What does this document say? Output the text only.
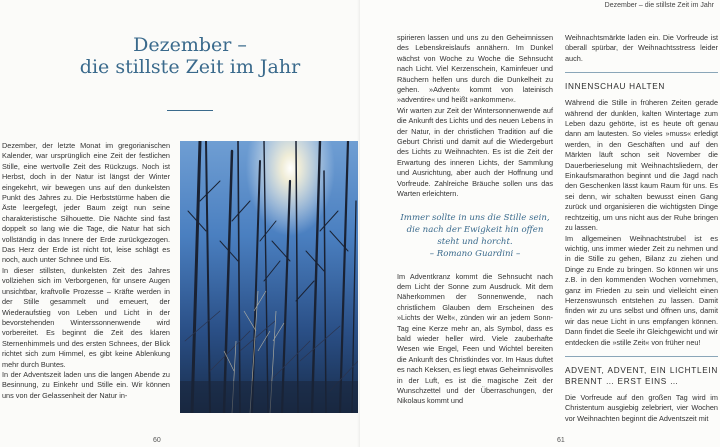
Dezember –
die stillste Zeit im Jahr

Dezember, der letzte Monat im gregorianischen Kalender, war ursprünglich eine Zeit der festlichen Stille, eine wertvolle Zeit des Rückzugs. Noch ist Herbst, doch in der Natur ist längst der Winter eingekehrt, wir bewegen uns auf den dunkelsten Punkt des Jahres zu. Die Herbststürme haben die Äste leergefegt, jeder Baum zeigt nun seine charakteristische Silhouette. Die Nächte sind fast doppelt so lang wie die Tage, die Natur hat sich vollständig in das Innere der Erde zurückgezogen. Das Herz der Erde ist nicht tot, leise schlägt es noch, auch unter Schnee und Eis.

In dieser stillsten, dunkelsten Zeit des Jahres vollziehen sich im Verborgenen, für unsere Augen unsichtbar, kraftvolle Prozesse – Kräfte werden in der Stille gesammelt und erneuert, der Wiederaufstieg von Leben und Licht in der bevorstehenden Winterssonnenwende wird vorbereitet. Es beginnt die Zeit des klaren Sternenhimmels und des ersten Schnees, der Blick richtet sich zum Himmel, es gibt keine Ablenkung mehr durch Buntes.

In der Adventszeit laden uns die langen Abende zu Besinnung, zu Einkehr und Stille ein. Wir können uns von der Gelassenheit der Natur in-

60
Dezember – die stillste Zeit im Jahr

spirieren lassen und uns zu den Geheimnissen des Lebenskreislaufs annähern. Im Dunkel wächst von Woche zu Woche die Sehnsucht nach Licht. Viel Kerzenschein, Kaminfeuer und Räuchern helfen uns durch die Dunkelheit zu gehen. »Advent« kommt von lateinisch »adventire« und heißt »ankommen«.

Wir warten zur Zeit der Wintersonnenwende auf die Ankunft des Lichts und des neuen Lebens in der Natur, in der christlichen Tradition auf die Geburt Christi und damit auf die Wiedergeburt des Lichts zu Weihnachten. Es ist die Zeit der Erwartung des inneren Lichts, der Sammlung und Ausrichtung, aber auch der Hoffnung und Vorfreude. Zahlreiche Bräuche sollen uns das Warten erleichtern.

Immer sollte in uns die Stille sein, die nach der Ewigkeit hin offen steht und horcht.
– Romano Guardini –

Im Adventkranz kommt die Sehnsucht nach dem Licht der Sonne zum Ausdruck. Mit dem Näherkommen der Sonnenwende, nach christlichem Glauben dem Erscheinen des »Lichts der Welt«, zünden wir an jedem Sonn-Tag eine Kerze mehr an, als Symbol, dass es bald wieder heller wird. Viele zauberhafte Wesen wie Engel, Feen und Wichtel bereiten die Ankunft des Christkindes vor. Im Haus duftet es nach Keksen, es liegt etwas Geheimnisvolles in der Luft, es ist die magische Zeit der Wunschzettel und der Überraschungen, der Nikolaus kommt und

Weihnachtsmärkte laden ein. Die Vorfreude ist überall spürbar, der Weihnachtsstress leider auch.

INNENSCHAU HALTEN

Während die Stille in früheren Zeiten gerade während der dunklen, kalten Wintertage zum Leben dazu gehörte, ist es heute oft genau dann am lautesten. So vieles »muss« erledigt werden, in den Geschäften und auf den Märkten läuft schon seit November die Dauerberieselung mit Weihnachtsliedern, der Einkaufsmarathon beginnt und die Jagd nach den Geschenken lässt kaum Raum für uns. Es sei denn, wir schalten bewusst einen Gang zurück und organisieren die wichtigsten Dinge rechtzeitig, um uns nicht aus der Ruhe bringen zu lassen.

Im allgemeinen Weihnachtstrubel ist es wichtig, uns immer wieder Zeit zu nehmen und in die Stille zu gehen, Bilanz zu ziehen und Dinge zu Ende zu bringen. So können wir uns z.B. in den kommenden Wochen vornehmen, ganz im Frieden zu sein und vielleicht einen Herzenswunsch entstehen zu lassen. Damit finden wir zu uns selbst und öffnen uns, damit wir das neue Licht in uns empfangen können. Dann findet die Seele ihr Gleichgewicht und wir entdecken die »stille Zeit« von früher neu!

ADVENT, ADVENT, EIN LICHTLEIN BRENNT … ERST EINS …

Die Vorfreude auf den großen Tag wird im Christentum ausgiebig zelebriert, vier Wochen vor Weihnachten beginnt die Adventszeit mit

61
